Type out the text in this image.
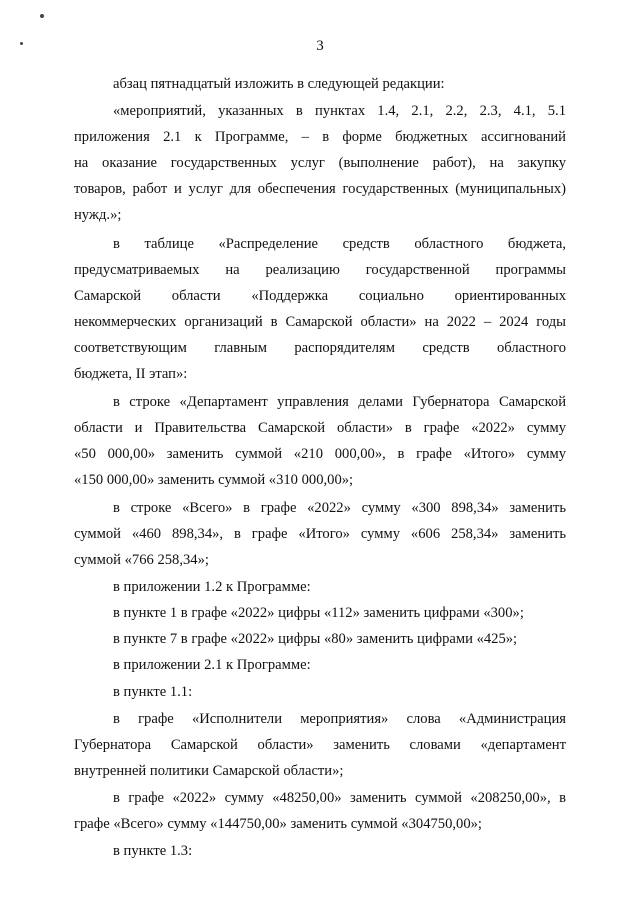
3
абзац пятнадцатый изложить в следующей редакции:
«мероприятий, указанных в пунктах 1.4, 2.1, 2.2, 2.3, 4.1, 5.1
приложения 2.1 к Программе, – в форме бюджетных ассигнований
на оказание государственных услуг (выполнение работ), на закупку
товаров, работ и услуг для обеспечения государственных (муниципальных)
нужд.»;
в таблице «Распределение средств областного бюджета,
предусматриваемых на реализацию государственной программы
Самарской области «Поддержка социально ориентированных
некоммерческих организаций в Самарской области» на 2022 – 2024 годы
соответствующим главным распорядителям средств областного
бюджета, II этап»:
в строке «Департамент управления делами Губернатора Самарской
области и Правительства Самарской области» в графе «2022» сумму
«50 000,00» заменить суммой «210 000,00», в графе «Итого» сумму
«150 000,00» заменить суммой «310 000,00»;
в строке «Всего» в графе «2022» сумму «300 898,34» заменить
суммой «460 898,34», в графе «Итого» сумму «606 258,34» заменить
суммой «766 258,34»;
в приложении 1.2 к Программе:
в пункте 1 в графе «2022» цифры «112» заменить цифрами «300»;
в пункте 7 в графе «2022» цифры «80» заменить цифрами «425»;
в приложении 2.1 к Программе:
в пункте 1.1:
в графе «Исполнители мероприятия» слова «Администрация
Губернатора Самарской области» заменить словами «департамент
внутренней политики Самарской области»;
в графе «2022» сумму «48250,00» заменить суммой «208250,00», в
графе «Всего» сумму «144750,00» заменить суммой «304750,00»;
в пункте 1.3:
